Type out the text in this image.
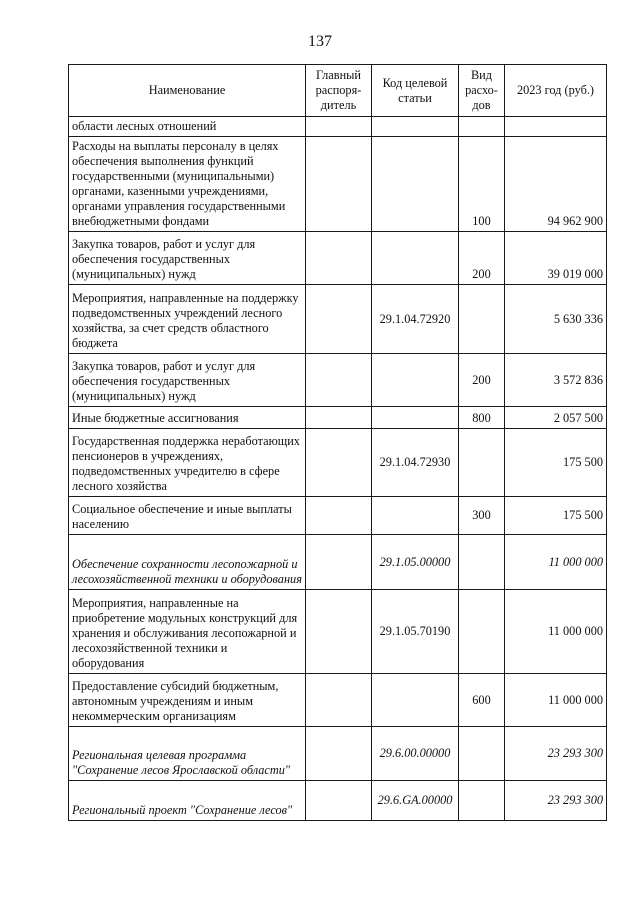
137
Наименование	Главный распоря-дитель	Код целевой статьи	Вид расхо-дов	2023 год (руб.)
области лесных отношений				
Расходы на выплаты персоналу в целях обеспечения выполнения функций государственными (муниципальными) органами, казенными учреждениями, органами управления государственными внебюджетными фондами			100	94 962 900
Закупка товаров, работ и услуг для обеспечения государственных (муниципальных) нужд			200	39 019 000
Мероприятия, направленные на поддержку подведомственных учреждений лесного хозяйства, за счет средств областного бюджета		29.1.04.72920		5 630 336
Закупка товаров, работ и услуг для обеспечения государственных (муниципальных) нужд			200	3 572 836
Иные бюджетные ассигнования			800	2 057 500
Государственная поддержка неработающих пенсионеров в учреждениях, подведомственных учредителю в сфере лесного хозяйства		29.1.04.72930		175 500
Социальное обеспечение и иные выплаты населению			300	175 500
Обеспечение сохранности лесопожарной и лесохозяйственной техники и оборудования		29.1.05.00000		11 000 000
Мероприятия, направленные на приобретение модульных конструкций для хранения и обслуживания лесопожарной и лесохозяйственной техники и оборудования		29.1.05.70190		11 000 000
Предоставление субсидий бюджетным, автономным учреждениям и иным некоммерческим организациям			600	11 000 000
Региональная целевая программа "Сохранение лесов Ярославской области"		29.6.00.00000		23 293 300
Региональный проект "Сохранение лесов"		29.6.GA.00000		23 293 300
